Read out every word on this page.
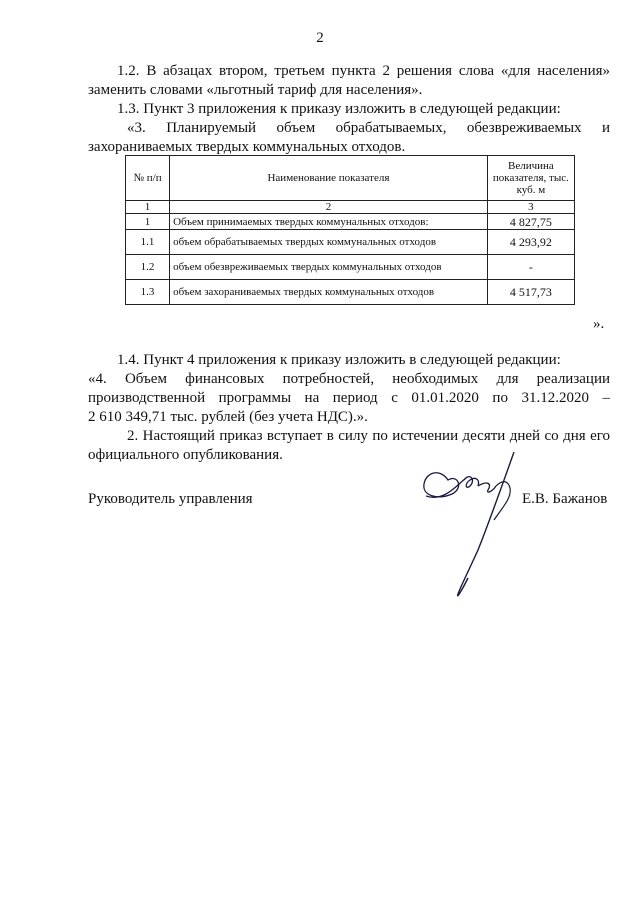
2
1.2. В абзацах втором, третьем пункта 2 решения слова «для населения»
заменить словами «льготный тариф для населения».
1.3. Пункт 3 приложения к приказу изложить в следующей редакции:
«3. Планируемый объем обрабатываемых, обезвреживаемых и
захораниваемых твердых коммунальных отходов.
№ п/п	Наименование показателя	Величина показателя, тыс. куб. м
1	2	3
1	Объем принимаемых твердых коммунальных отходов:	4 827,75
1.1	объем обрабатываемых твердых коммунальных отходов	4 293,92
1.2	объем обезвреживаемых твердых коммунальных отходов	-
1.3	объем захораниваемых твердых коммунальных отходов	4 517,73
».
1.4. Пункт 4 приложения к приказу изложить в следующей редакции:
«4. Объем финансовых потребностей, необходимых для реализации
производственной программы на период с 01.01.2020 по 31.12.2020 –
2 610 349,71 тыс. рублей (без учета НДС).».
2. Настоящий приказ вступает в силу по истечении десяти дней со дня его
официального опубликования.
Руководитель управления	Е.В. Бажанов
